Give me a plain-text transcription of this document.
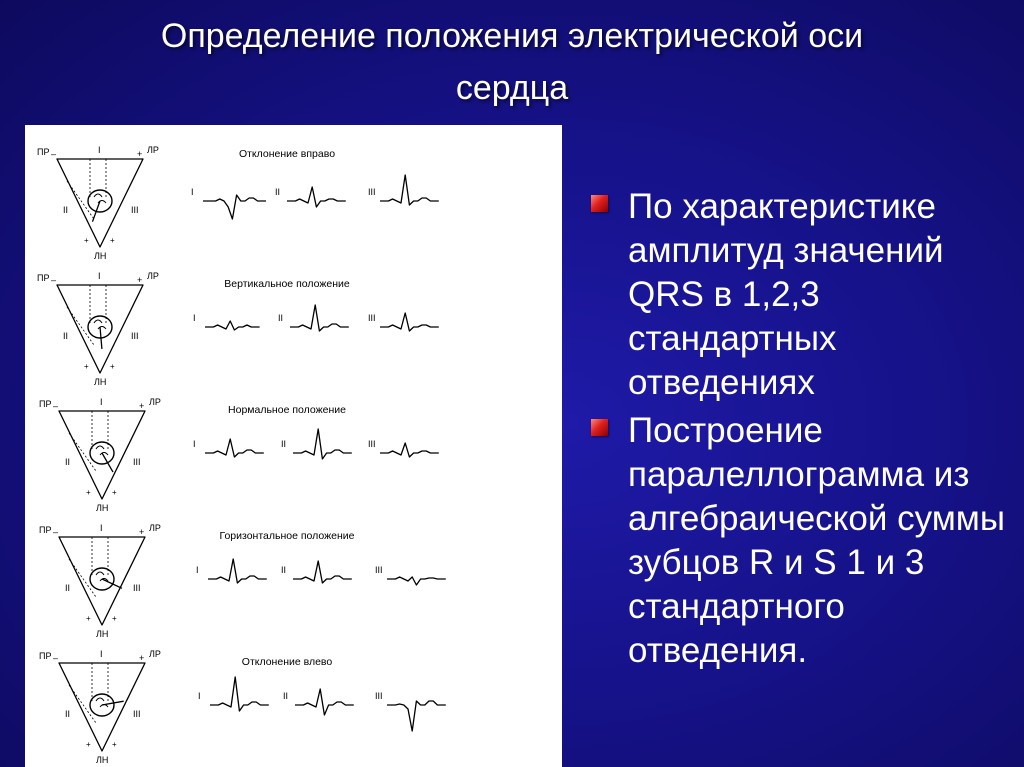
Определение положения электрической оси
сердца
ПР –	ЛР
+
ЛН
I
II	III
+	+
Отклонение вправо
I	II	III
ПР –	ЛР
+
ЛН
I
II	III
+	+
Вертикальное положение
I	II	III
ПР –	ЛР
+
ЛН
I
II	III
+	+
Нормальное положение
I	II	III
ПР –	ЛР
+
ЛН
I
II	III
+	+
Горизонтальное положение
I	II	III
ПР –	ЛР
+
ЛН
I
II	III
+	+
Отклонение влево
I	II	III
По характеристике амплитуд значений QRS в 1,2,3 стандартных отведениях
Построение паралеллограмма из алгебраической суммы зубцов R и S 1 и 3 стандартного отведения.
